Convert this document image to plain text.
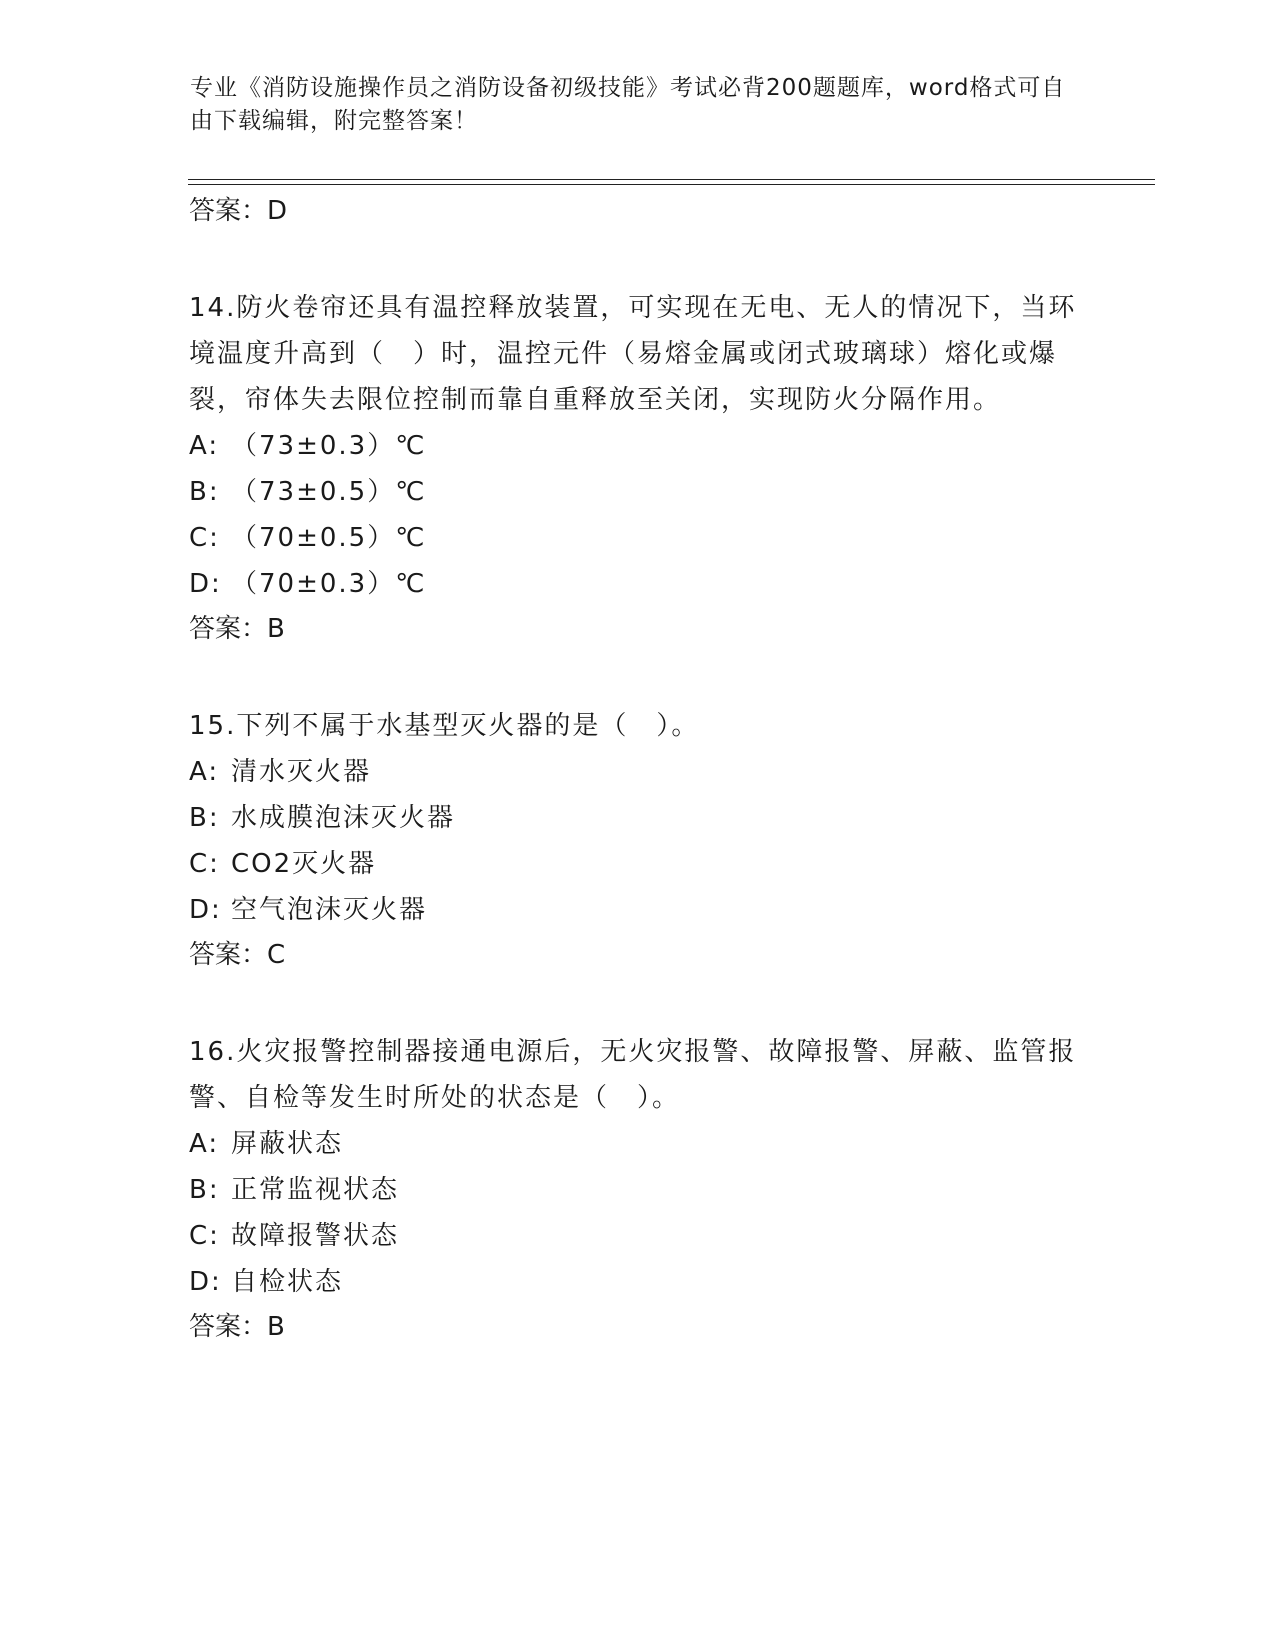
专业《消防设施操作员之消防设备初级技能》考试必背200题题库，word格式可自由下载编辑，附完整答案！
答案：D

14.防火卷帘还具有温控释放装置，可实现在无电、无人的情况下，当环境温度升高到（　）时，温控元件（易熔金属或闭式玻璃球）熔化或爆裂，帘体失去限位控制而靠自重释放至关闭，实现防火分隔作用。

A: （73±0.3）℃
B: （73±0.5）℃
C: （70±0.5）℃
D: （70±0.3）℃
答案：B

15.下列不属于水基型灭火器的是（　）。

A: 清水灭火器
B: 水成膜泡沫灭火器
C: CO2灭火器
D: 空气泡沫灭火器
答案：C

16.火灾报警控制器接通电源后，无火灾报警、故障报警、屏蔽、监管报警、自检等发生时所处的状态是（　）。

A: 屏蔽状态
B: 正常监视状态
C: 故障报警状态
D: 自检状态
答案：B
